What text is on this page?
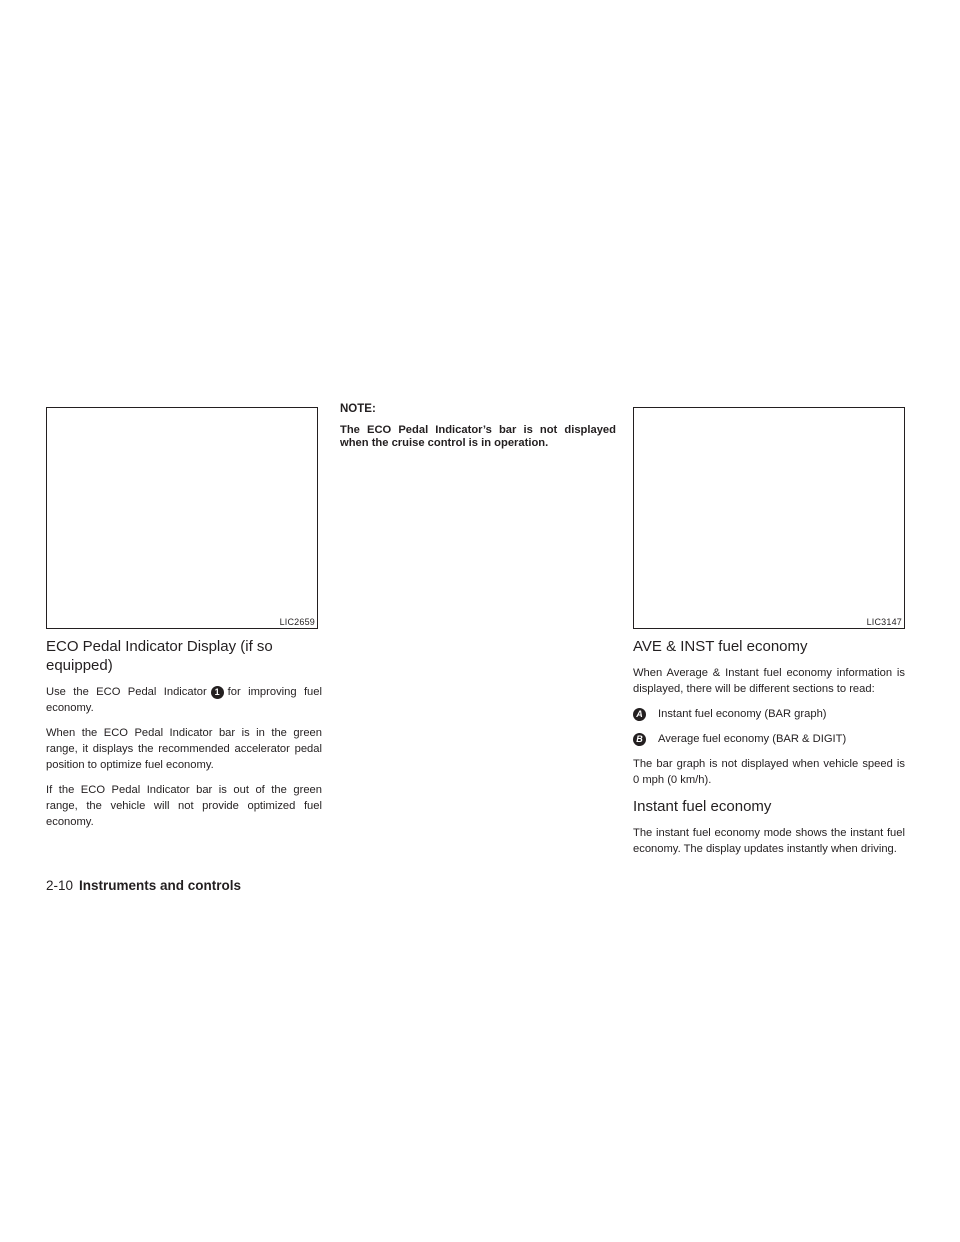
LIC2659	LIC3147
ECO Pedal Indicator Display (if so equipped)

Use the ECO Pedal Indicator 1 for improving fuel economy.

When the ECO Pedal Indicator bar is in the green range, it displays the recommended accelerator pedal position to optimize fuel economy.

If the ECO Pedal Indicator bar is out of the green range, the vehicle will not provide optimized fuel economy.

NOTE:

The ECO Pedal Indicator’s bar is not displayed when the cruise control is in operation.

AVE & INST fuel economy

When Average & Instant fuel economy information is displayed, there will be different sections to read:

A Instant fuel economy (BAR graph)
B Average fuel economy (BAR & DIGIT)

The bar graph is not displayed when vehicle speed is 0 mph (0 km/h).

Instant fuel economy

The instant fuel economy mode shows the instant fuel economy. The display updates instantly when driving.

2-10 Instruments and controls
